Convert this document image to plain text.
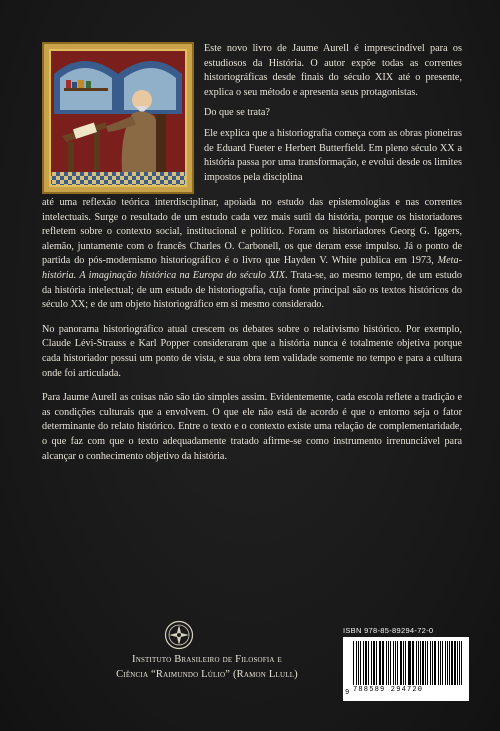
Este novo livro de Jaume Aurell é imprescindível para os estudiosos da História. O autor expõe todas as correntes historiográficas desde finais do século XIX até o presente, explica o seu método e apresenta seus protagonistas.

Do que se trata?

Ele explica que a historiografia começa com as obras pioneiras de Eduard Fueter e Herbert Butterfield. Em pleno século XX a história passa por uma transformação, e evolui desde os limites impostos pela disciplina

até uma reflexão teórica interdisciplinar, apoiada no estudo das epistemologias e nas correntes intelectuais. Surge o resultado de um estudo cada vez mais sutil da história, porque os historiadores refletem sobre o contexto social, institucional e político. Foram os historiadores Georg G. Iggers, alemão, juntamente com o francês Charles O. Carbonell, os que deram esse impulso. Já o ponto de partida do pós-modernismo historiográfico é o livro que Hayden V. White publica em 1973, Meta-história. A imaginação histórica na Europa do século XIX. Trata-se, ao mesmo tempo, de um estudo da história intelectual; de um estudo de historiografia, cuja fonte principal são os textos históricos do século XX; e de um objeto historiográfico em si mesmo considerado.

No panorama historiográfico atual crescem os debates sobre o relativismo histórico. Por exemplo, Claude Lévi-Strauss e Karl Popper consideraram que a história nunca é totalmente objetiva porque cada historiador possui um ponto de vista, e sua obra tem validade somente no tempo e para a cultura onde foi articulada.

Para Jaume Aurell as coisas não são tão simples assim. Evidentemente, cada escola reflete a tradição e as condições culturais que a envolvem. O que ele não está de acordo é que o entorno seja o fator determinante do relato histórico. Entre o texto e o contexto existe uma relação de complementaridade, o que faz com que o texto adequadamente tratado afirme-se como instrumento irrenunciável para alcançar o conhecimento objetivo da história.

Instituto Brasileiro de Filosofia e
Ciência “Raimundo Lúlio” (Ramon Llull)
ISBN 978-85-89294-72-0
788589 294720
9
